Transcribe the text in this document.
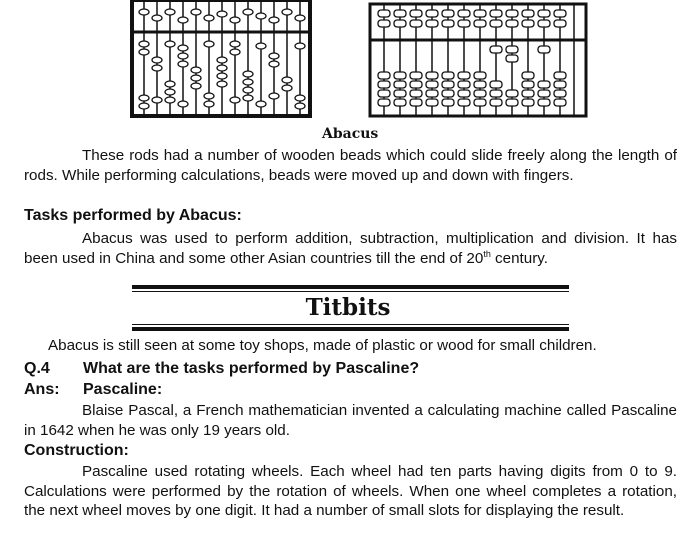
Abacus

These rods had a number of wooden beads which could slide freely along the length of rods. While performing calculations, beads were moved up and down with fingers.

Tasks performed by Abacus:

Abacus was used to perform addition, subtraction, multiplication and division. It has been used in China and some other Asian countries till the end of 20th century.

Titbits

Abacus is still seen at some toy shops, made of plastic or wood for small children.

Q.4 What are the tasks performed by Pascaline?
Ans: Pascaline:

Blaise Pascal, a French mathematician invented a calculating machine called Pascaline in 1642 when he was only 19 years old.

Construction:

Pascaline used rotating wheels. Each wheel had ten parts having digits from 0 to 9. Calculations were performed by the rotation of wheels. When one wheel completes a rotation, the next wheel moves by one digit. It had a number of small slots for displaying the result.
